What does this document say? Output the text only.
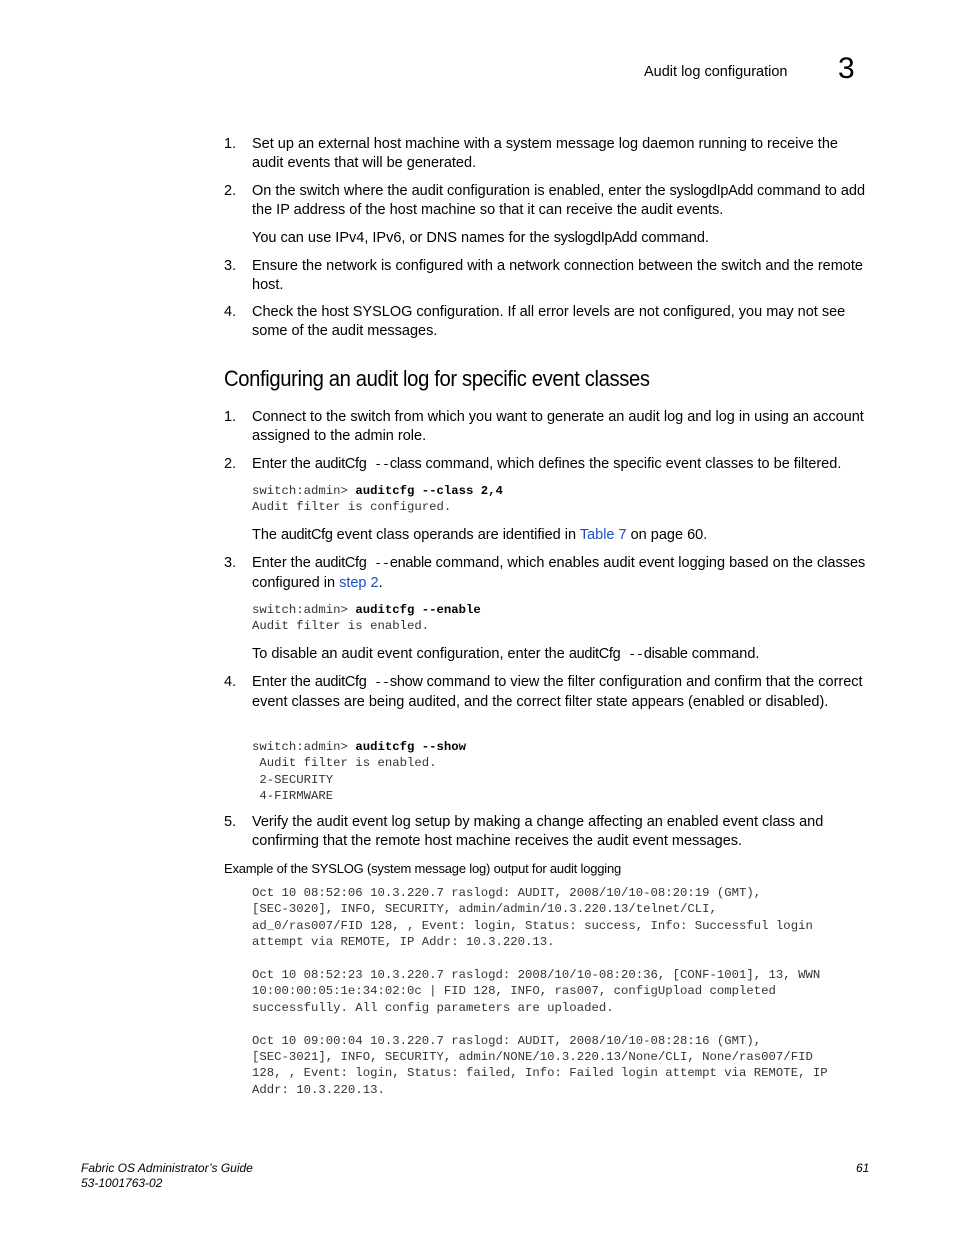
Audit log configuration 3
1. Set up an external host machine with a system message log daemon running to receive the audit events that will be generated.
2. On the switch where the audit configuration is enabled, enter the syslogdIpAdd command to add the IP address of the host machine so that it can receive the audit events.
You can use IPv4, IPv6, or DNS names for the syslogdIpAdd command.
3. Ensure the network is configured with a network connection between the switch and the remote host.
4. Check the host SYSLOG configuration. If all error levels are not configured, you may not see some of the audit messages.
Configuring an audit log for specific event classes
1. Connect to the switch from which you want to generate an audit log and log in using an account assigned to the admin role.
2. Enter the auditCfg --class command, which defines the specific event classes to be filtered.
switch:admin> auditcfg --class 2,4
Audit filter is configured.
The auditCfg event class operands are identified in Table 7 on page 60.
3. Enter the auditCfg --enable command, which enables audit event logging based on the classes configured in step 2.
switch:admin> auditcfg --enable
Audit filter is enabled.
To disable an audit event configuration, enter the auditCfg --disable command.
4. Enter the auditCfg --show command to view the filter configuration and confirm that the correct event classes are being audited, and the correct filter state appears (enabled or disabled).
switch:admin> auditcfg --show
Audit filter is enabled.
2-SECURITY
4-FIRMWARE
5. Verify the audit event log setup by making a change affecting an enabled event class and confirming that the remote host machine receives the audit event messages.
Example of the SYSLOG (system message log) output for audit logging
Oct 10 08:52:06 10.3.220.7 raslogd: AUDIT, 2008/10/10-08:20:19 (GMT),
[SEC-3020], INFO, SECURITY, admin/admin/10.3.220.13/telnet/CLI,
ad_0/ras007/FID 128, , Event: login, Status: success, Info: Successful login
attempt via REMOTE, IP Addr: 10.3.220.13.

Oct 10 08:52:23 10.3.220.7 raslogd: 2008/10/10-08:20:36, [CONF-1001], 13, WWN
10:00:00:05:1e:34:02:0c | FID 128, INFO, ras007, configUpload completed
successfully. All config parameters are uploaded.

Oct 10 09:00:04 10.3.220.7 raslogd: AUDIT, 2008/10/10-08:28:16 (GMT),
[SEC-3021], INFO, SECURITY, admin/NONE/10.3.220.13/None/CLI, None/ras007/FID
128, , Event: login, Status: failed, Info: Failed login attempt via REMOTE, IP
Addr: 10.3.220.13.
Fabric OS Administrator’s Guide
53-1001763-02
61
